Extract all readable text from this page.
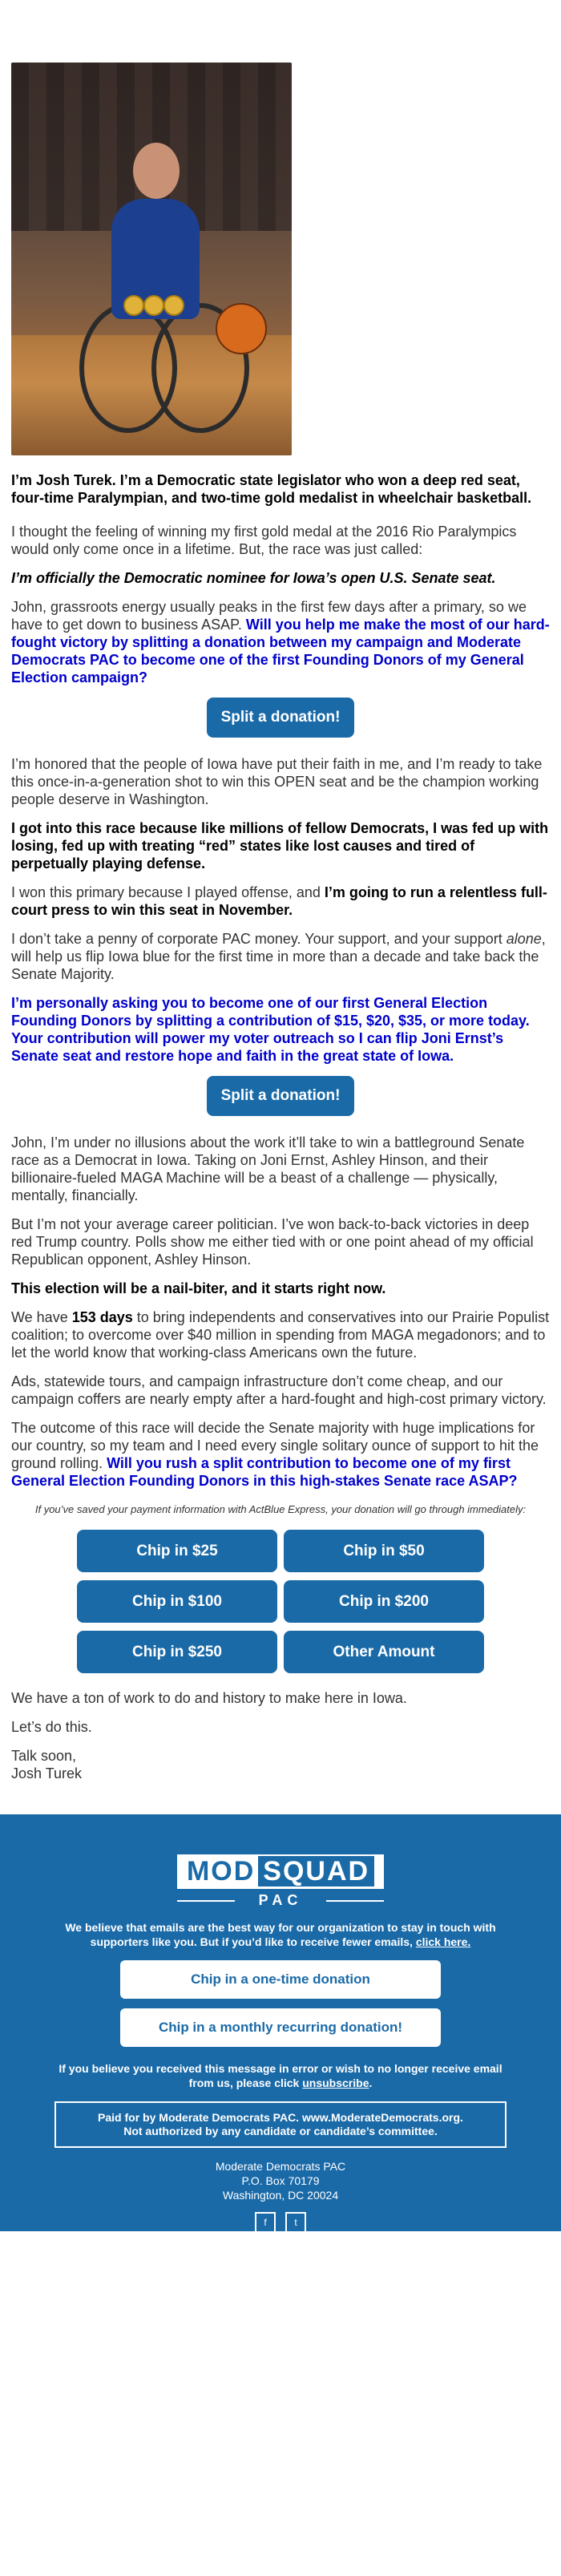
I’m Josh Turek. I’m a Democratic state legislator who won a deep red seat, four-time Paralympian, and two-time gold medalist in wheelchair basketball.

I thought the feeling of winning my first gold medal at the 2016 Rio Paralympics would only come once in a lifetime. But, the race was just called:

I’m officially the Democratic nominee for Iowa’s open U.S. Senate seat.

John, grassroots energy usually peaks in the first few days after a primary, so we have to get down to business ASAP. Will you help me make the most of our hard-fought victory by splitting a donation between my campaign and Moderate Democrats PAC to become one of the first Founding Donors of my General Election campaign?

Split a donation!

I’m honored that the people of Iowa have put their faith in me, and I’m ready to take this once-in-a-generation shot to win this OPEN seat and be the champion working people deserve in Washington.

I got into this race because like millions of fellow Democrats, I was fed up with losing, fed up with treating “red” states like lost causes and tired of perpetually playing defense.

I won this primary because I played offense, and I’m going to run a relentless full-court press to win this seat in November.

I don’t take a penny of corporate PAC money. Your support, and your support alone, will help us flip Iowa blue for the first time in more than a decade and take back the Senate Majority.

I’m personally asking you to become one of our first General Election Founding Donors by splitting a contribution of $15, $20, $35, or more today. Your contribution will power my voter outreach so I can flip Joni Ernst’s Senate seat and restore hope and faith in the great state of Iowa.

Split a donation!

John, I’m under no illusions about the work it’ll take to win a battleground Senate race as a Democrat in Iowa. Taking on Joni Ernst, Ashley Hinson, and their billionaire-fueled MAGA Machine will be a beast of a challenge — physically, mentally, financially.

But I’m not your average career politician. I’ve won back-to-back victories in deep red Trump country. Polls show me either tied with or one point ahead of my official Republican opponent, Ashley Hinson.

This election will be a nail-biter, and it starts right now.

We have 153 days to bring independents and conservatives into our Prairie Populist coalition; to overcome over $40 million in spending from MAGA megadonors; and to let the world know that working-class Americans own the future.

Ads, statewide tours, and campaign infrastructure don’t come cheap, and our campaign coffers are nearly empty after a hard-fought and high-cost primary victory.

The outcome of this race will decide the Senate majority with huge implications for our country, so my team and I need every single solitary ounce of support to hit the ground rolling. Will you rush a split contribution to become one of my first General Election Founding Donors in this high-stakes Senate race ASAP?

If you’ve saved your payment information with ActBlue Express, your donation will go through immediately:

Chip in $25	Chip in $50
Chip in $100	Chip in $200
Chip in $250	Other Amount

We have a ton of work to do and history to make here in Iowa.

Let’s do this.

Talk soon,
Josh Turek

MOD SQUAD
PAC
We believe that emails are the best way for our organization to stay in touch with supporters like you. But if you’d like to receive fewer emails, click here.
Chip in a one-time donation
Chip in a monthly recurring donation!
If you believe you received this message in error or wish to no longer receive email from us, please click unsubscribe.
Paid for by Moderate Democrats PAC. www.ModerateDemocrats.org.
Not authorized by any candidate or candidate’s committee.
Moderate Democrats PAC
P.O. Box 70179
Washington, DC 20024
f	t
